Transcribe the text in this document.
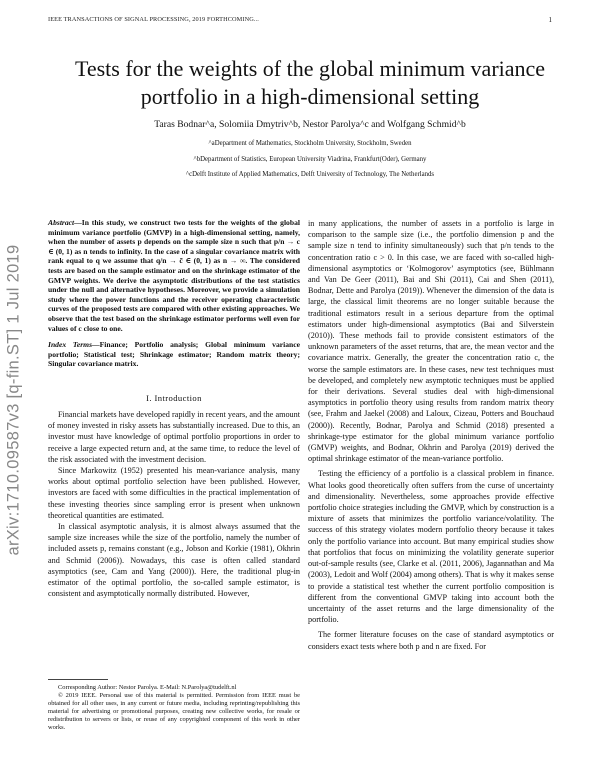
IEEE TRANSACTIONS OF SIGNAL PROCESSING, 2019 FORTHCOMING...	1
arXiv:1710.09587v3 [q-fin.ST] 1 Jul 2019
Tests for the weights of the global minimum variance portfolio in a high-dimensional setting
Taras Bodnar^a, Solomiia Dmytriv^b, Nestor Parolya^c and Wolfgang Schmid^b
^aDepartment of Mathematics, Stockholm University, Stockholm, Sweden
^bDepartment of Statistics, European University Viadrina, Frankfurt(Oder), Germany
^cDelft Institute of Applied Mathematics, Delft University of Technology, The Netherlands
Abstract—In this study, we construct two tests for the weights of the global minimum variance portfolio (GMVP) in a high-dimensional setting, namely, when the number of assets p depends on the sample size n such that p/n → c ∈ (0, 1) as n tends to infinity. In the case of a singular covariance matrix with rank equal to q we assume that q/n → c̃ ∈ (0, 1) as n → ∞. The considered tests are based on the sample estimator and on the shrinkage estimator of the GMVP weights. We derive the asymptotic distributions of the test statistics under the null and alternative hypotheses. Moreover, we provide a simulation study where the power functions and the receiver operating characteristic curves of the proposed tests are compared with other existing approaches. We observe that the test based on the shrinkage estimator performs well even for values of c close to one.
Index Terms—Finance; Portfolio analysis; Global minimum variance portfolio; Statistical test; Shrinkage estimator; Random matrix theory; Singular covariance matrix.
I. Introduction

Financial markets have developed rapidly in recent years, and the amount of money invested in risky assets has substantially increased. Due to this, an investor must have knowledge of optimal portfolio proportions in order to receive a large expected return and, at the same time, to reduce the level of the risk associated with the investment decision.

Since Markowitz (1952) presented his mean-variance analysis, many works about optimal portfolio selection have been published. However, investors are faced with some difficulties in the practical implementation of these investing theories since sampling error is present when unknown theoretical quantities are estimated.

In classical asymptotic analysis, it is almost always assumed that the sample size increases while the size of the portfolio, namely the number of included assets p, remains constant (e.g., Jobson and Korkie (1981), Okhrin and Schmid (2006)). Nowadays, this case is often called standard asymptotics (see, Cam and Yang (2000)). Here, the traditional plug-in estimator of the optimal portfolio, the so-called sample estimator, is consistent and asymptotically normally distributed. However,

Corresponding Author: Nestor Parolya. E-Mail: N.Parolya@tudelft.nl

© 2019 IEEE. Personal use of this material is permitted. Permission from IEEE must be obtained for all other uses, in any current or future media, including reprinting/republishing this material for advertising or promotional purposes, creating new collective works, for resale or redistribution to servers or lists, or reuse of any copyrighted component of this work in other works.

in many applications, the number of assets in a portfolio is large in comparison to the sample size (i.e., the portfolio dimension p and the sample size n tend to infinity simultaneously) such that p/n tends to the concentration ratio c > 0. In this case, we are faced with so-called high-dimensional asymptotics or ‘Kolmogorov’ asymptotics (see, Bühlmann and Van De Geer (2011), Bai and Shi (2011), Cai and Shen (2011), Bodnar, Dette and Parolya (2019)). Whenever the dimension of the data is large, the classical limit theorems are no longer suitable because the traditional estimators result in a serious departure from the optimal estimators under high-dimensional asymptotics (Bai and Silverstein (2010)). These methods fail to provide consistent estimators of the unknown parameters of the asset returns, that are, the mean vector and the covariance matrix. Generally, the greater the concentration ratio c, the worse the sample estimators are. In these cases, new test techniques must be developed, and completely new asymptotic techniques must be applied for their derivations. Several studies deal with high-dimensional asymptotics in portfolio theory using results from random matrix theory (see, Frahm and Jaekel (2008) and Laloux, Cizeau, Potters and Bouchaud (2000)). Recently, Bodnar, Parolya and Schmid (2018) presented a shrinkage-type estimator for the global minimum variance portfolio (GMVP) weights, and Bodnar, Okhrin and Parolya (2019) derived the optimal shrinkage estimator of the mean-variance portfolio.

Testing the efficiency of a portfolio is a classical problem in finance. What looks good theoretically often suffers from the curse of uncertainty and dimensionality. Nevertheless, some approaches provide effective portfolio choice strategies including the GMVP, which by construction is a mixture of assets that minimizes the portfolio variance/volatility. The success of this strategy violates modern portfolio theory because it takes only the portfolio variance into account. But many empirical studies show that portfolios that focus on minimizing the volatility generate superior out-of-sample results (see, Clarke et al. (2011, 2006), Jagannathan and Ma (2003), Ledoit and Wolf (2004) among others). That is why it makes sense to provide a statistical test whether the current portfolio composition is different from the conventional GMVP taking into account both the uncertainty of the asset returns and the large dimensionality of the portfolio.

The former literature focuses on the case of standard asymptotics or considers exact tests where both p and n are fixed. For
